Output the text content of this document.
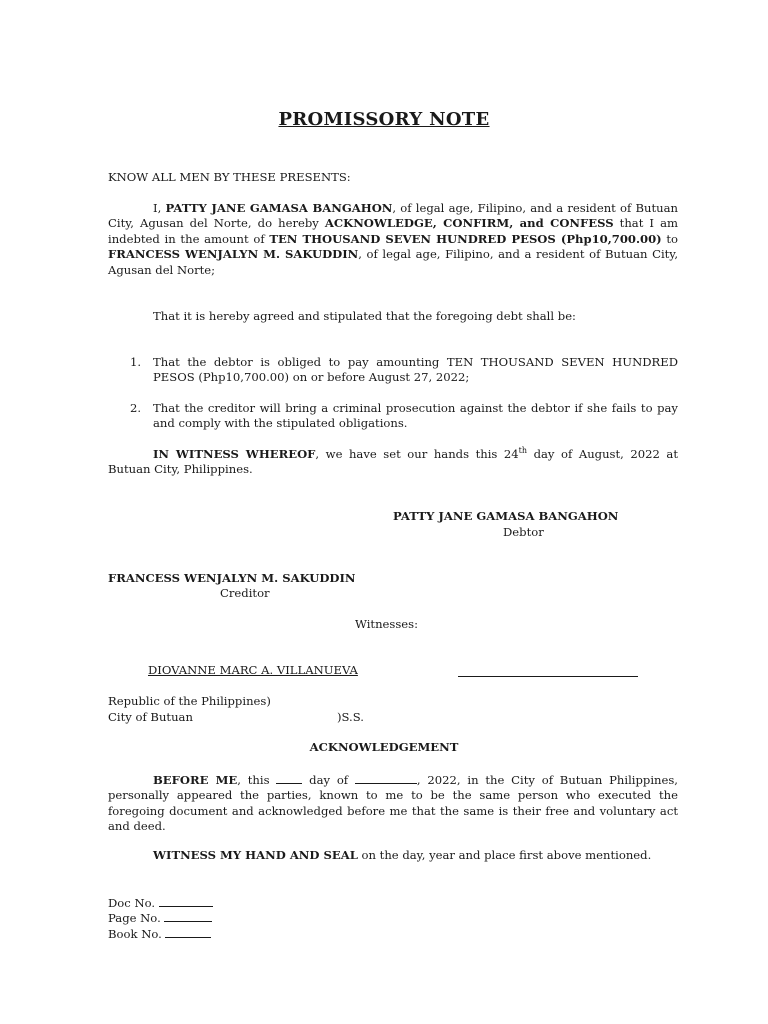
PROMISSORY NOTE
KNOW ALL MEN BY THESE PRESENTS:
I, PATTY JANE GAMASA BANGAHON, of legal age, Filipino, and a resident of Butuan City, Agusan del Norte, do hereby ACKNOWLEDGE, CONFIRM, and CONFESS that I am indebted in the amount of TEN THOUSAND SEVEN HUNDRED PESOS (Php10,700.00) to FRANCESS WENJALYN M. SAKUDDIN, of legal age, Filipino, and a resident of Butuan City, Agusan del Norte;
That it is hereby agreed and stipulated that the foregoing debt shall be:
1. That the debtor is obliged to pay amounting TEN THOUSAND SEVEN HUNDRED PESOS (Php10,700.00) on or before August 27, 2022;
2. That the creditor will bring a criminal prosecution against the debtor if she fails to pay and comply with the stipulated obligations.
IN WITNESS WHEREOF, we have set our hands this 24th day of August, 2022 at Butuan City, Philippines.
PATTY JANE GAMASA BANGAHON
Debtor
FRANCESS WENJALYN M. SAKUDDIN
Creditor
Witnesses:
DIOVANNE MARC A. VILLANUEVA
Republic of the Philippines)
City of Butuan	)S.S.
ACKNOWLEDGEMENT
BEFORE ME, this  day of	, 2022, in the City of Butuan Philippines, personally appeared the parties, known to me to be the same person who executed the foregoing document and acknowledged before me that the same is their free and voluntary act and deed.
WITNESS MY HAND AND SEAL on the day, year and place first above mentioned.
Doc No.
Page No.
Book No.
